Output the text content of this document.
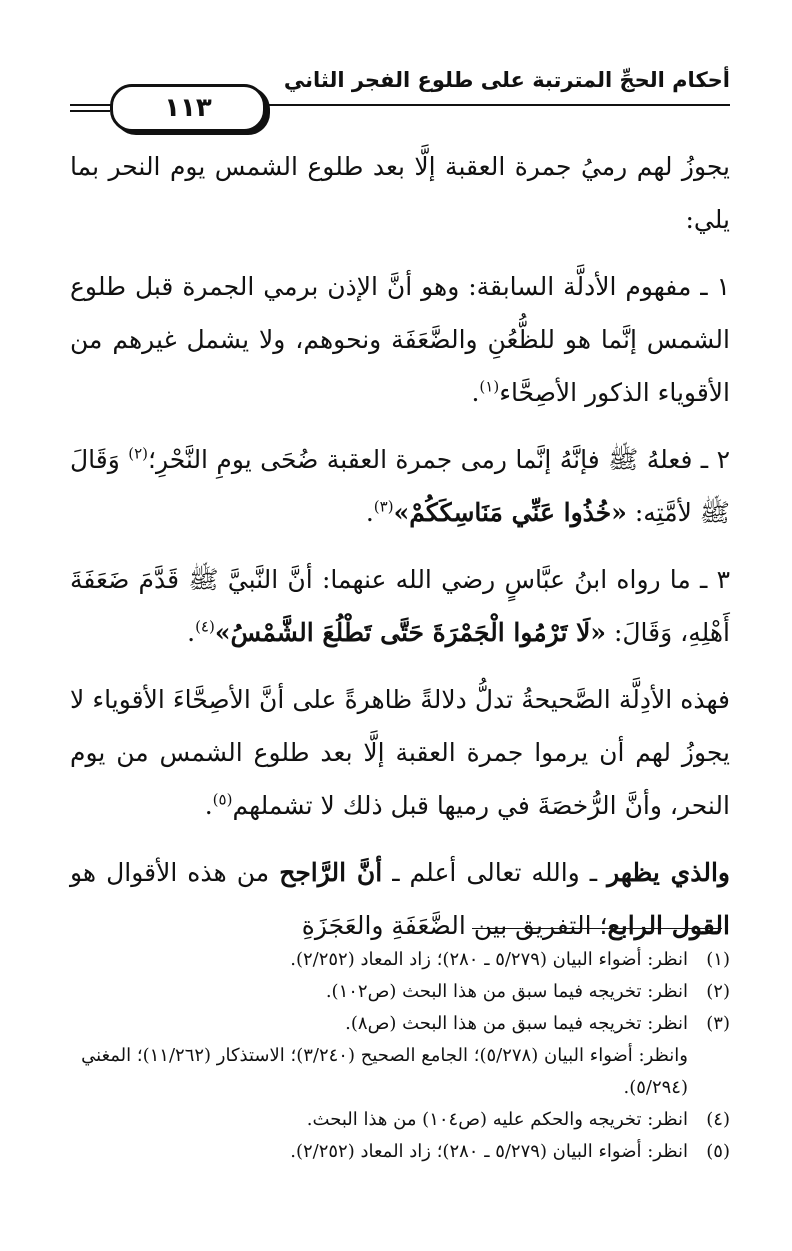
أحكام الحجِّ المترتبة على طلوع الفجر الثاني
١١٣

يجوزُ لهم رميُ جمرة العقبة إلَّا بعد طلوع الشمس يوم النحر بما يلي:

١ ـ مفهوم الأدلَّة السابقة: وهو أنَّ الإذن برمي الجمرة قبل طلوع الشمس إنَّما هو للظُّعُنِ والضَّعَفَة ونحوهم، ولا يشمل غيرهم من الأقوياء الذكور الأصِحَّاء$^{(١)}$.

٢ ـ فعلهُ ﷺ فإنَّهُ إنَّما رمى جمرة العقبة ضُحَى يومِ النَّحْرِ؛$^{(٢)}$ وَقَالَ ﷺ لأمَّتِه: «خُذُوا عَنِّي مَنَاسِكَكُمْ»$^{(٣)}$.

٣ ـ ما رواه ابنُ عبَّاسٍ رضي الله عنهما: أنَّ النَّبيَّ ﷺ قَدَّمَ ضَعَفَةَ أَهْلِهِ، وَقَالَ: «لَا تَرْمُوا الْجَمْرَةَ حَتَّى تَطْلُعَ الشَّمْسُ»$^{(٤)}$.

فهذه الأدِلَّة الصَّحيحةُ تدلُّ دلالةً ظاهرةً على أنَّ الأصِحَّاءَ الأقوياء لا يجوزُ لهم أن يرموا جمرة العقبة إلَّا بعد طلوع الشمس من يوم النحر، وأنَّ الرُّخصَةَ في رميها قبل ذلك لا تشملهم$^{(٥)}$.

والذي يظهر ـ والله تعالى أعلم ـ أنَّ الرَّاجح من هذه الأقوال هو القول الرابع؛ التفريق بين الضَّعَفَةِ والعَجَزَةِ

(١)
انظر: أضواء البيان (٥/٢٧٩ ـ ٢٨٠)؛ زاد المعاد (٢/٢٥٢).
(٢)
انظر: تخريجه فيما سبق من هذا البحث (ص١٠٢).
(٣)
انظر: تخريجه فيما سبق من هذا البحث (ص٨).
وانظر: أضواء البيان (٥/٢٧٨)؛ الجامع الصحيح (٣/٢٤٠)؛ الاستذكار (١١/٢٦٢)؛ المغني (٥/٢٩٤).
(٤)
انظر: تخريجه والحكم عليه (ص١٠٤) من هذا البحث.
(٥)
انظر: أضواء البيان (٥/٢٧٩ ـ ٢٨٠)؛ زاد المعاد (٢/٢٥٢).
